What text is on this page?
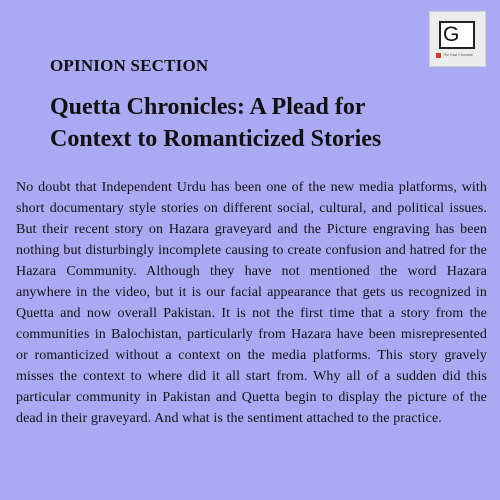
G
The Gazi Chronicle
OPINION SECTION
Quetta Chronicles: A Plead for
Context to Romanticized Stories

No doubt that Independent Urdu has been one of the new media platforms, with short documentary style stories on different social, cultural, and political issues. But their recent story on Hazara graveyard and the Picture engraving has been nothing but disturbingly incomplete causing to create confusion and hatred for the Hazara Community. Although they have not mentioned the word Hazara anywhere in the video, but it is our facial appearance that gets us recognized in Quetta and now overall Pakistan. It is not the first time that a story from the communities in Balochistan, particularly from Hazara have been misrepresented or romanticized without a context on the media platforms. This story gravely misses the context to where did it all start from. Why all of a sudden did this particular community in Pakistan and Quetta begin to display the picture of the dead in their graveyard. And what is the sentiment attached to the practice.
